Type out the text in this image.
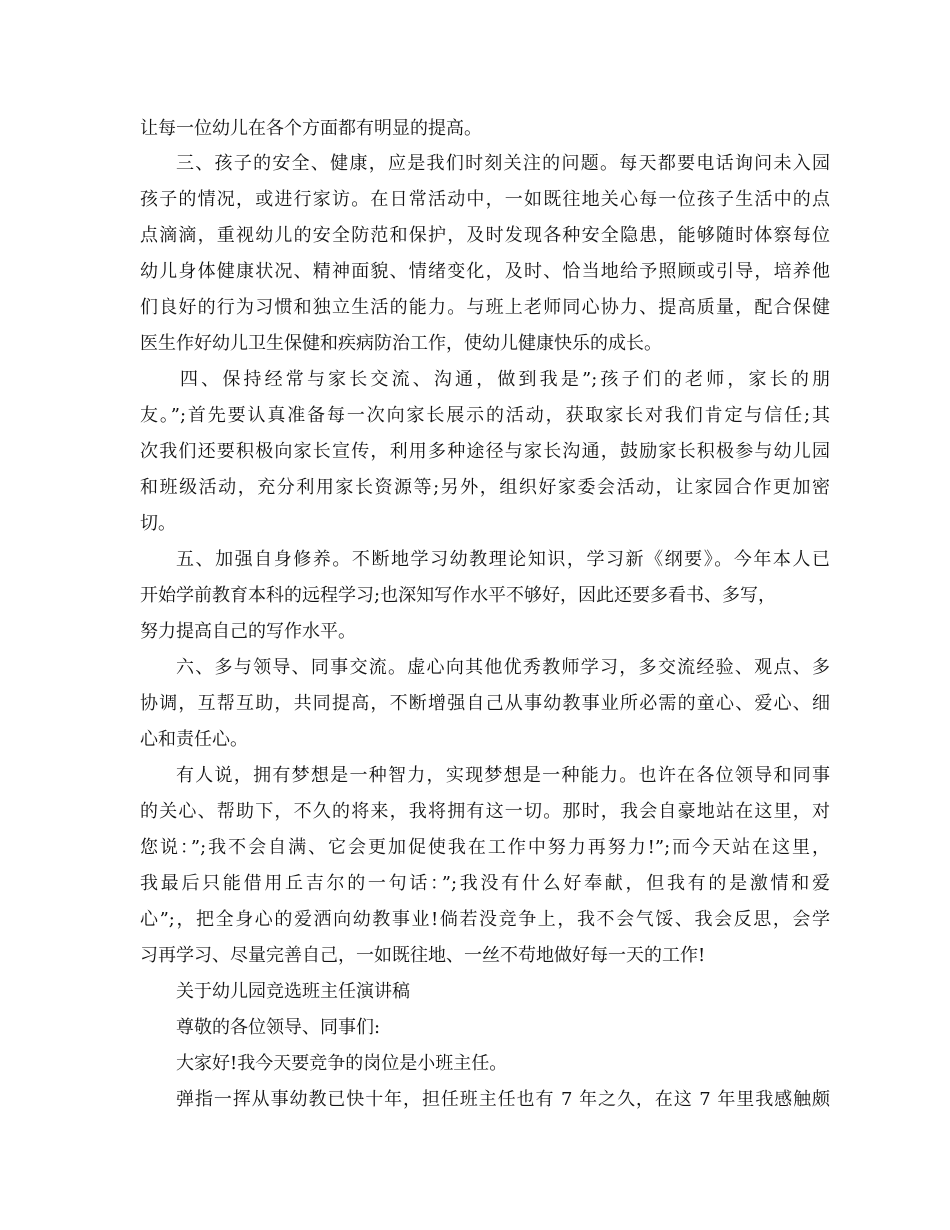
让每一位幼儿在各个方面都有明显的提高。
三、孩子的安全、健康，应是我们时刻关注的问题。每天都要电话询问未入园
孩子的情况，或进行家访。在日常活动中，一如既往地关心每一位孩子生活中的点
点滴滴，重视幼儿的安全防范和保护，及时发现各种安全隐患，能够随时体察每位
幼儿身体健康状况、精神面貌、情绪变化，及时、恰当地给予照顾或引导，培养他
们良好的行为习惯和独立生活的能力。与班上老师同心协力、提高质量，配合保健
医生作好幼儿卫生保健和疾病防治工作，使幼儿健康快乐的成长。
四、保持经常与家长交流、沟通，做到我是”;孩子们的老师，家长的朋
友。”;首先要认真准备每一次向家长展示的活动，获取家长对我们肯定与信任;其
次我们还要积极向家长宣传，利用多种途径与家长沟通，鼓励家长积极参与幼儿园
和班级活动，充分利用家长资源等;另外，组织好家委会活动，让家园合作更加密
切。
五、加强自身修养。不断地学习幼教理论知识，学习新《纲要》。今年本人已
开始学前教育本科的远程学习;也深知写作水平不够好，因此还要多看书、多写，
努力提高自己的写作水平。
六、多与领导、同事交流。虚心向其他优秀教师学习，多交流经验、观点、多
协调，互帮互助，共同提高，不断增强自己从事幼教事业所必需的童心、爱心、细
心和责任心。
有人说，拥有梦想是一种智力，实现梦想是一种能力。也许在各位领导和同事
的关心、帮助下，不久的将来，我将拥有这一切。那时，我会自豪地站在这里，对
您说：”;我不会自满、它会更加促使我在工作中努力再努力!”;而今天站在这里，
我最后只能借用丘吉尔的一句话：”;我没有什么好奉献，但我有的是激情和爱
心”;，把全身心的爱洒向幼教事业!倘若没竞争上，我不会气馁、我会反思，会学
习再学习、尽量完善自己，一如既往地、一丝不苟地做好每一天的工作!
关于幼儿园竞选班主任演讲稿
尊敬的各位领导、同事们:
大家好!我今天要竞争的岗位是小班主任。
弹指一挥从事幼教已快十年，担任班主任也有 7 年之久，在这 7 年里我感触颇
